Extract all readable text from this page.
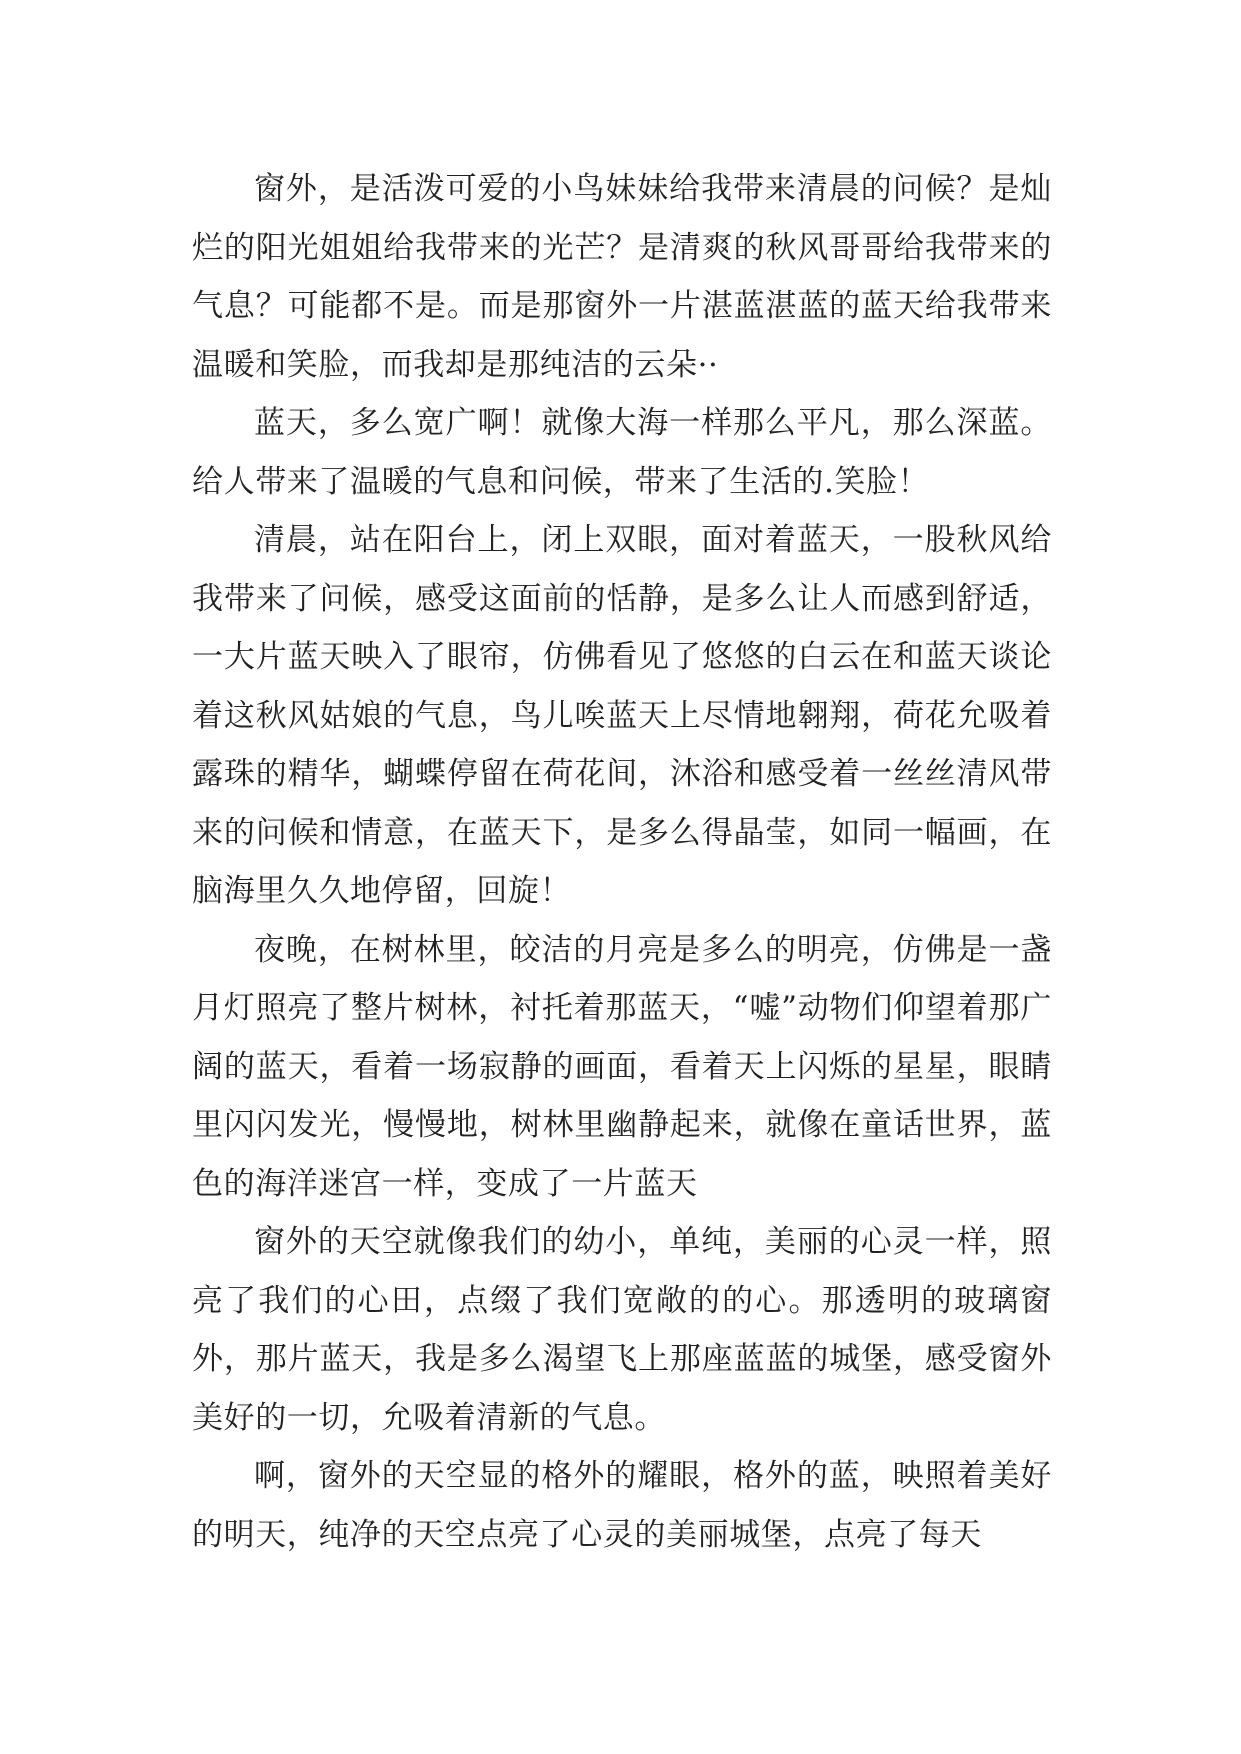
窗外，是活泼可爱的小鸟妹妹给我带来清晨的问候？是灿烂的阳光姐姐给我带来的光芒？是清爽的秋风哥哥给我带来的气息？可能都不是。而是那窗外一片湛蓝湛蓝的蓝天给我带来温暖和笑脸，而我却是那纯洁的云朵··

蓝天，多么宽广啊！就像大海一样那么平凡，那么深蓝。给人带来了温暖的气息和问候，带来了生活的.笑脸！

清晨，站在阳台上，闭上双眼，面对着蓝天，一股秋风给我带来了问候，感受这面前的恬静，是多么让人而感到舒适，一大片蓝天映入了眼帘，仿佛看见了悠悠的白云在和蓝天谈论着这秋风姑娘的气息，鸟儿唉蓝天上尽情地翱翔，荷花允吸着露珠的精华，蝴蝶停留在荷花间，沐浴和感受着一丝丝清风带来的问候和情意，在蓝天下，是多么得晶莹，如同一幅画，在脑海里久久地停留，回旋！

夜晚，在树林里，皎洁的月亮是多么的明亮，仿佛是一盏月灯照亮了整片树林，衬托着那蓝天，“嘘”动物们仰望着那广阔的蓝天，看着一场寂静的画面，看着天上闪烁的星星，眼睛里闪闪发光，慢慢地，树林里幽静起来，就像在童话世界，蓝色的海洋迷宫一样，变成了一片蓝天

窗外的天空就像我们的幼小，单纯，美丽的心灵一样，照亮了我们的心田，点缀了我们宽敞的的心。那透明的玻璃窗外，那片蓝天，我是多么渴望飞上那座蓝蓝的城堡，感受窗外美好的一切，允吸着清新的气息。

啊，窗外的天空显的格外的耀眼，格外的蓝，映照着美好的明天，纯净的天空点亮了心灵的美丽城堡，点亮了每天
